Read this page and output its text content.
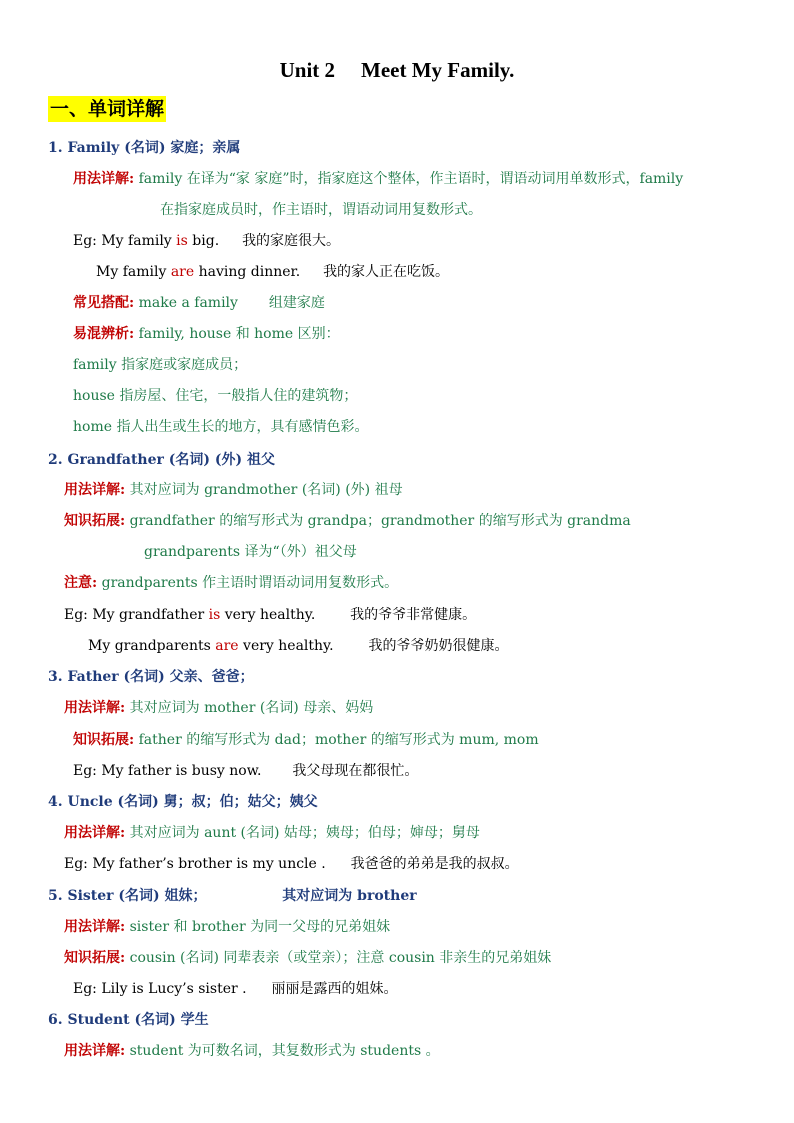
Unit 2 Meet My Family.
一、单词详解
1. Family (名词) 家庭；亲属
用法详解: family 在译为“家 家庭”时，指家庭这个整体，作主语时，谓语动词用单数形式，family
在指家庭成员时，作主语时，谓语动词用复数形式。
Eg: My family is big. 我的家庭很大。
My family are having dinner. 我的家人正在吃饭。
常见搭配: make a family 组建家庭
易混辨析: family, house 和 home 区别：
family 指家庭或家庭成员；
house 指房屋、住宅，一般指人住的建筑物；
home 指人出生或生长的地方，具有感情色彩。
2. Grandfather (名词) (外) 祖父
用法详解: 其对应词为 grandmother (名词) (外) 祖母
知识拓展: grandfather 的缩写形式为 grandpa；grandmother 的缩写形式为 grandma
grandparents 译为“（外）祖父母
注意: grandparents 作主语时谓语动词用复数形式。
Eg: My grandfather is very healthy. 我的爷爷非常健康。
My grandparents are very healthy. 我的爷爷奶奶很健康。
3. Father (名词) 父亲、爸爸；
用法详解: 其对应词为 mother (名词) 母亲、妈妈
知识拓展: father 的缩写形式为 dad；mother 的缩写形式为 mum, mom
Eg: My father is busy now. 我父母现在都很忙。
4. Uncle (名词) 舅；叔；伯；姑父；姨父
用法详解: 其对应词为 aunt (名词) 姑母；姨母；伯母；婶母；舅母
Eg: My father’s brother is my uncle . 我爸爸的弟弟是我的叔叔。
5. Sister (名词) 姐妹；	其对应词为 brother
用法详解: sister 和 brother 为同一父母的兄弟姐妹
知识拓展: cousin (名词) 同辈表亲（或堂亲）；注意 cousin 非亲生的兄弟姐妹
Eg: Lily is Lucy’s sister . 丽丽是露西的姐妹。
6. Student (名词) 学生
用法详解: student 为可数名词，其复数形式为 students 。
